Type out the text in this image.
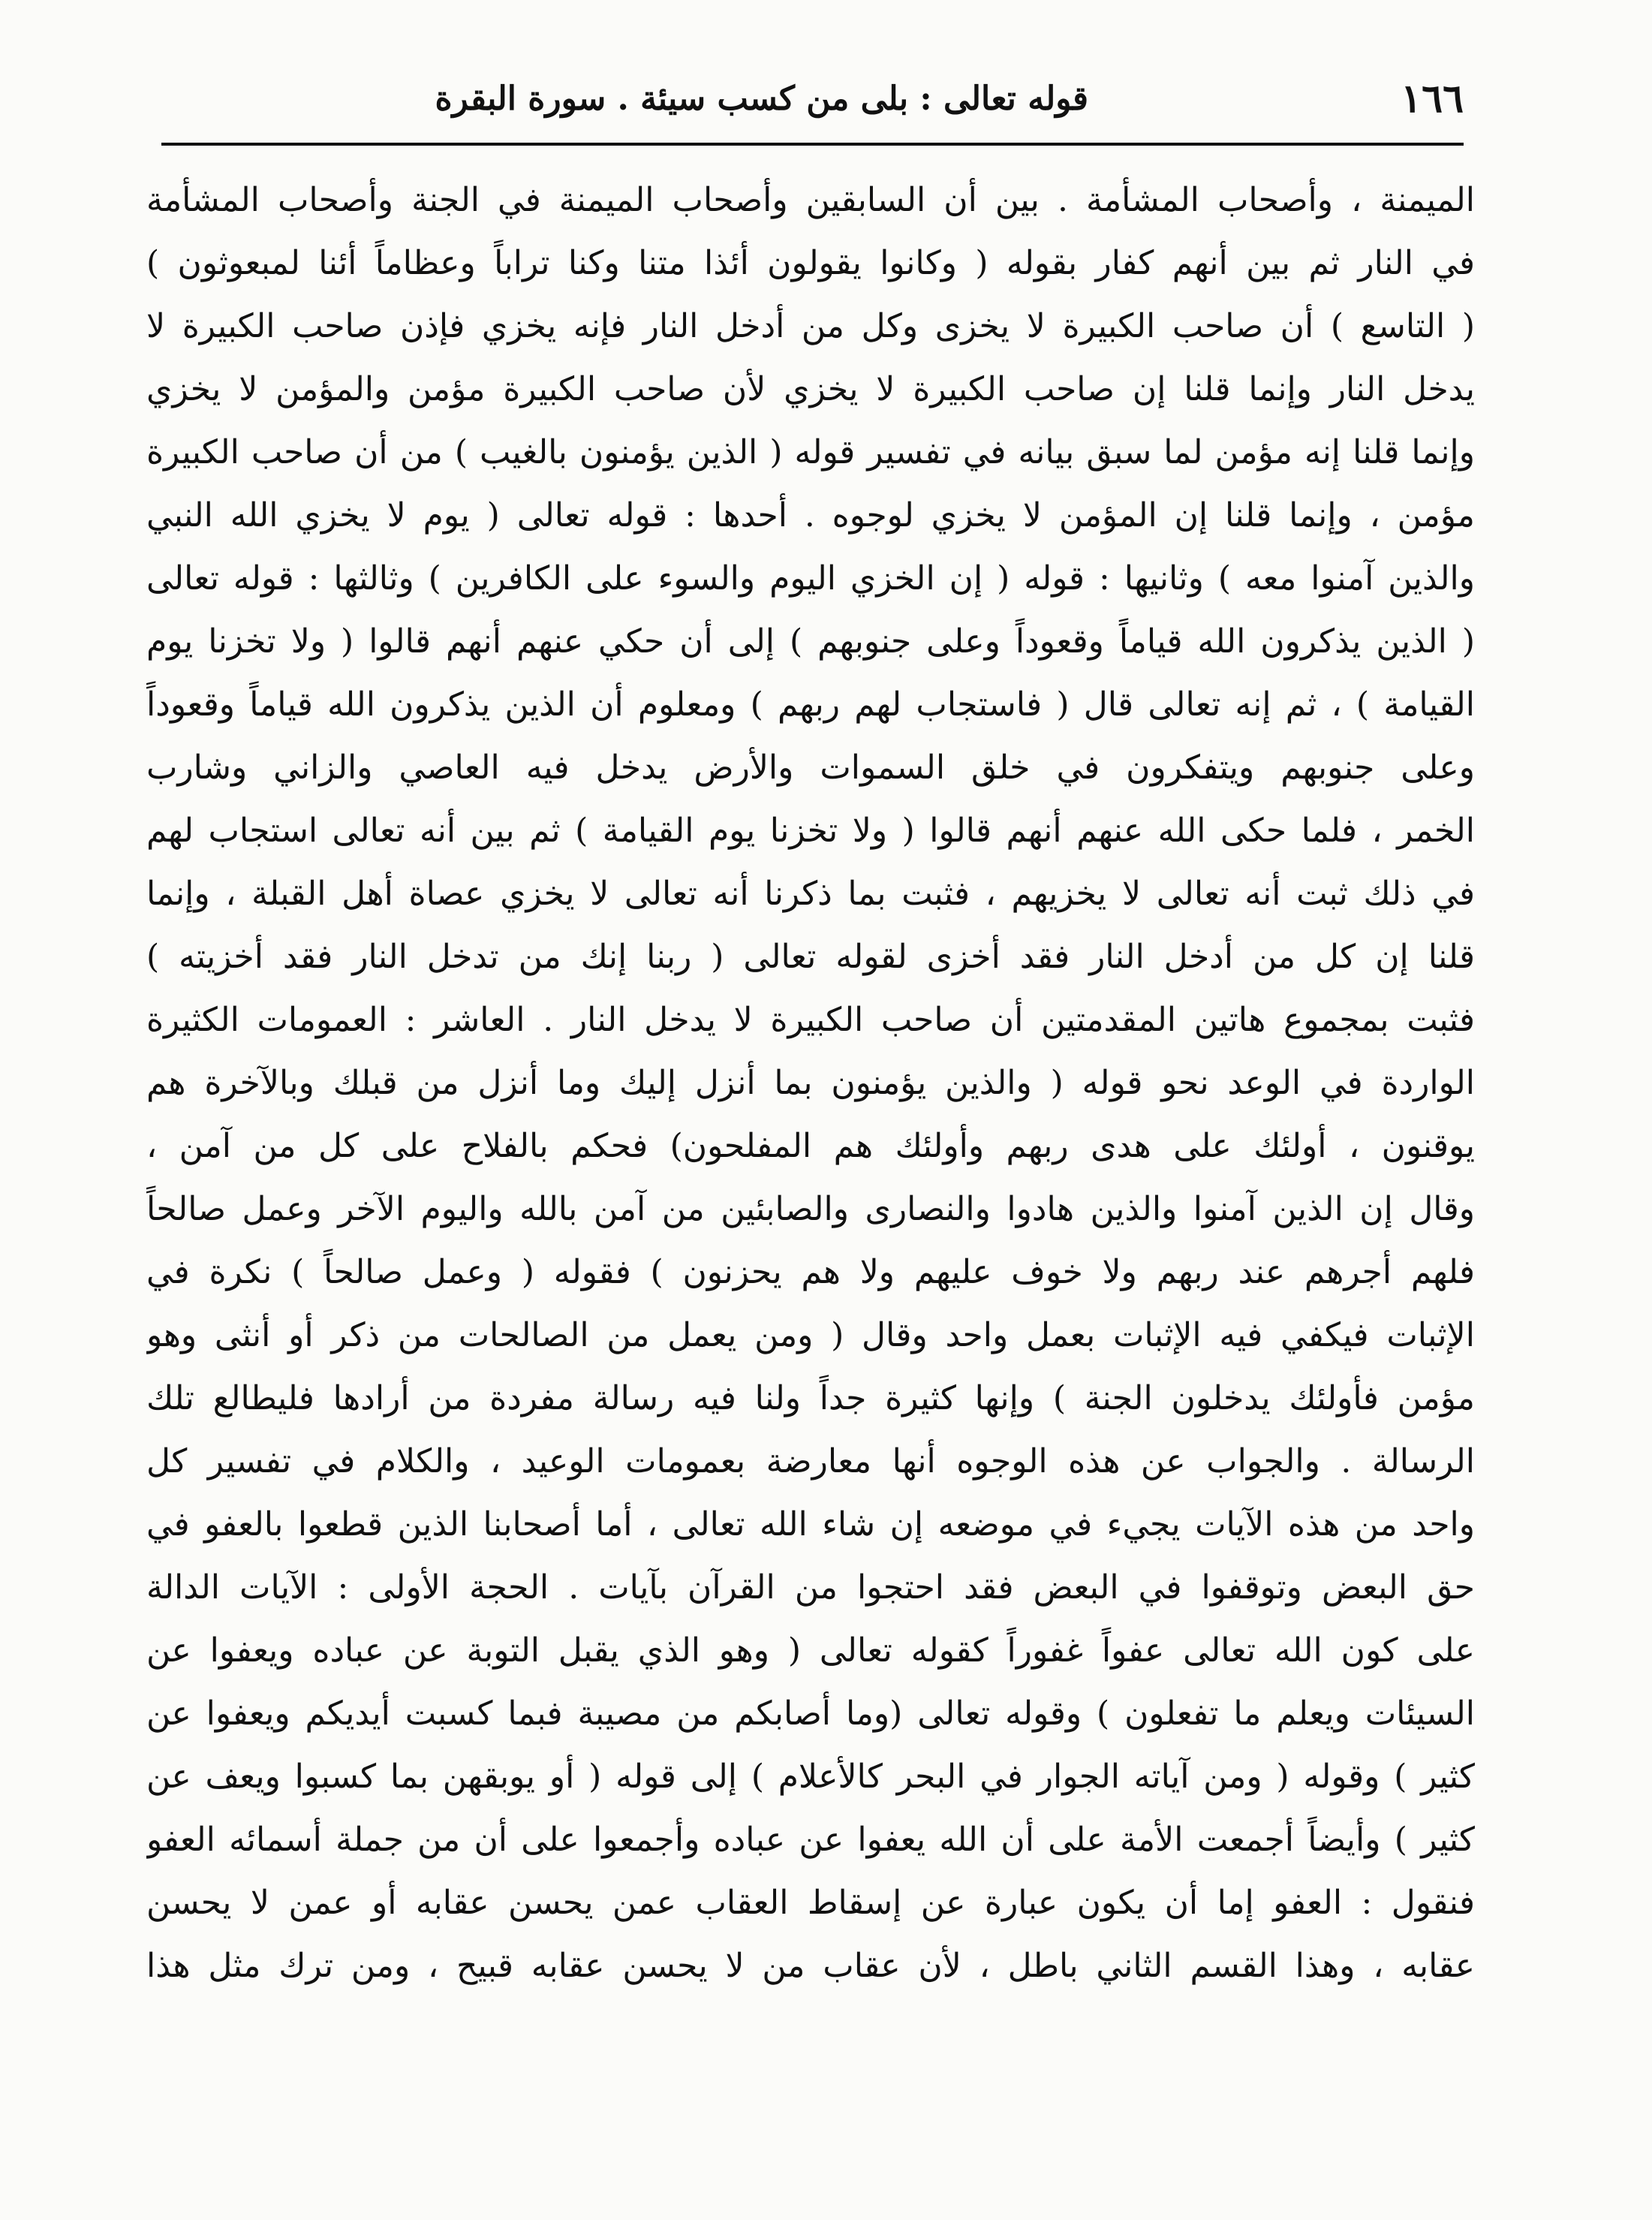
١٦٦
قوله تعالى : بلى من كسب سيئة . سورة البقرة
الميمنة ، وأصحاب المشأمة . بين أن السابقين وأصحاب الميمنة في الجنة وأصحاب المشأمة
في النار ثم بين أنهم كفار بقوله ( وكانوا يقولون أئذا متنا وكنا تراباً وعظاماً أئنا لمبعوثون )
( التاسع ) أن صاحب الكبيرة لا يخزى وكل من أدخل النار فإنه يخزي فإذن صاحب الكبيرة لا
يدخل النار وإنما قلنا إن صاحب الكبيرة لا يخزي لأن صاحب الكبيرة مؤمن والمؤمن لا يخزي
وإنما قلنا إنه مؤمن لما سبق بيانه في تفسير قوله ( الذين يؤمنون بالغيب ) من أن صاحب الكبيرة
مؤمن ، وإنما قلنا إن المؤمن لا يخزي لوجوه . أحدها : قوله تعالى ( يوم لا يخزي الله النبي
والذين آمنوا معه ) وثانيها : قوله ( إن الخزي اليوم والسوء على الكافرين ) وثالثها : قوله تعالى
( الذين يذكرون الله قياماً وقعوداً وعلى جنوبهم ) إلى أن حكي عنهم أنهم قالوا ( ولا تخزنا يوم
القيامة ) ، ثم إنه تعالى قال ( فاستجاب لهم ربهم ) ومعلوم أن الذين يذكرون الله قياماً وقعوداً
وعلى جنوبهم ويتفكرون في خلق السموات والأرض يدخل فيه العاصي والزاني وشارب
الخمر ، فلما حكى الله عنهم أنهم قالوا ( ولا تخزنا يوم القيامة ) ثم بين أنه تعالى استجاب لهم
في ذلك ثبت أنه تعالى لا يخزيهم ، فثبت بما ذكرنا أنه تعالى لا يخزي عصاة أهل القبلة ، وإنما
قلنا إن كل من أدخل النار فقد أخزى لقوله تعالى ( ربنا إنك من تدخل النار فقد أخزيته )
فثبت بمجموع هاتين المقدمتين أن صاحب الكبيرة لا يدخل النار . العاشر : العمومات الكثيرة
الواردة في الوعد نحو قوله ( والذين يؤمنون بما أنزل إليك وما أنزل من قبلك وبالآخرة هم
يوقنون ، أولئك على هدى ربهم وأولئك هم المفلحون) فحكم بالفلاح على كل من آمن ،
وقال إن الذين آمنوا والذين هادوا والنصارى والصابئين من آمن بالله واليوم الآخر وعمل صالحاً
فلهم أجرهم عند ربهم ولا خوف عليهم ولا هم يحزنون ) فقوله ( وعمل صالحاً ) نكرة في
الإثبات فيكفي فيه الإثبات بعمل واحد وقال ( ومن يعمل من الصالحات من ذكر أو أنثى وهو
مؤمن فأولئك يدخلون الجنة ) وإنها كثيرة جداً ولنا فيه رسالة مفردة من أرادها فليطالع تلك
الرسالة . والجواب عن هذه الوجوه أنها معارضة بعمومات الوعيد ، والكلام في تفسير كل
واحد من هذه الآيات يجيء في موضعه إن شاء الله تعالى ، أما أصحابنا الذين قطعوا بالعفو في
حق البعض وتوقفوا في البعض فقد احتجوا من القرآن بآيات . الحجة الأولى : الآيات الدالة
على كون الله تعالى عفواً غفوراً كقوله تعالى ( وهو الذي يقبل التوبة عن عباده ويعفوا عن
السيئات ويعلم ما تفعلون ) وقوله تعالى (وما أصابكم من مصيبة فبما كسبت أيديكم ويعفوا عن
كثير ) وقوله ( ومن آياته الجوار في البحر كالأعلام ) إلى قوله ( أو يوبقهن بما كسبوا ويعف عن
كثير ) وأيضاً أجمعت الأمة على أن الله يعفوا عن عباده وأجمعوا على أن من جملة أسمائه العفو
فنقول : العفو إما أن يكون عبارة عن إسقاط العقاب عمن يحسن عقابه أو عمن لا يحسن
عقابه ، وهذا القسم الثاني باطل ، لأن عقاب من لا يحسن عقابه قبيح ، ومن ترك مثل هذا
